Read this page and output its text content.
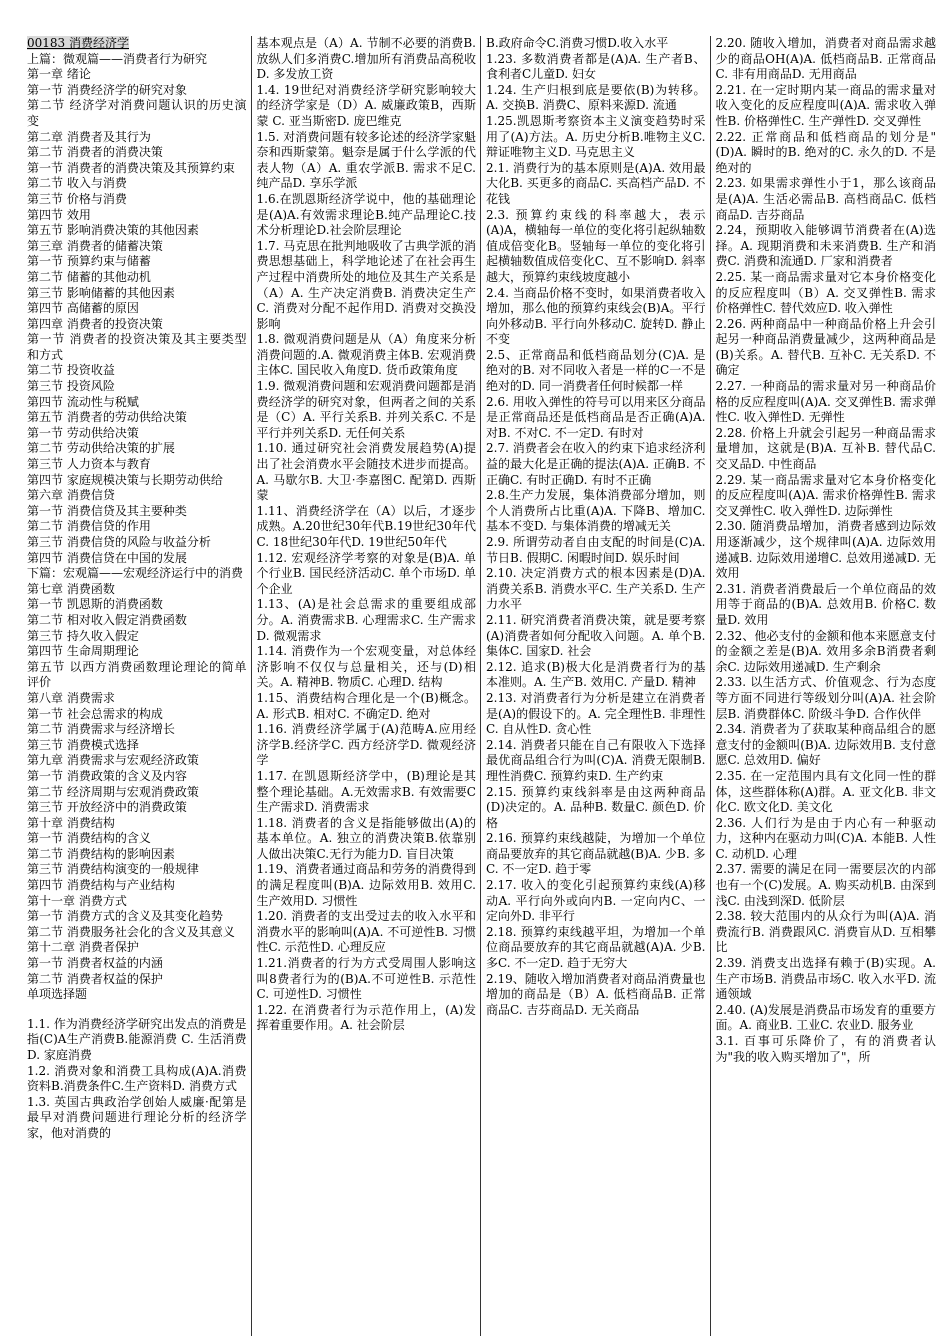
00183 消费经济学

上篇：微观篇——消费者行为研究

第一章 绪论

第一节 消费经济学的研究对象

第二节 经济学对消费问题认识的历史演变

第二章 消费者及其行为

第二节 消费者的消费决策

第一节 消费者的消费决策及其预算约束

第二节 收入与消费

第三节 价格与消费

第四节 效用

第五节 影响消费决策的其他因素

第三章 消费者的储蓄决策

第一节 预算约束与储蓄

第二节 储蓄的其他动机

第三节 影响储蓄的其他因素

第四节 高储蓄的原因

第四章 消费者的投资决策

第一节 消费者的投资决策及其主要类型和方式

第二节 投资收益

第三节 投资风险

第四节 流动性与税赋

第五节 消费者的劳动供给决策

第一节 劳动供给决策

第二节 劳动供给决策的扩展

第三节 人力资本与教育

第四节 家庭规模决策与长期劳动供给

第六章 消费信贷

第一节 消费信贷及其主要种类

第二节 消费信贷的作用

第三节 消费信贷的风险与收益分析

第四节 消费信贷在中国的发展

下篇：宏观篇——宏观经济运行中的消费

第七章 消费函数

第一节 凯恩斯的消费函数

第二节 相对收入假定消费函数

第三节 持久收入假定

第四节 生命周期理论

第五节 以西方消费函数理论理论的简单评价

第八章 消费需求

第一节 社会总需求的构成

第二节 消费需求与经济增长

第三节 消费模式选择

第九章 消费需求与宏观经济政策

第一节 消费政策的含义及内容

第二节 经济周期与宏观消费政策

第三节 开放经济中的消费政策

第十章 消费结构

第一节 消费结构的含义

第二节 消费结构的影响因素

第三节 消费结构演变的一般规律

第四节 消费结构与产业结构

第十一章 消费方式

第一节 消费方式的含义及其变化趋势

第二节 消费服务社会化的含义及其意义

第十二章 消费者保护

第一节 消费者权益的内涵

第二节 消费者权益的保护

单项选择题

1.1. 作为消费经济学研究出发点的消费是指(C)A生产消费B.能源消费 C. 生活消费 D. 家庭消费

1.2. 消费对象和消费工具构成(A)A.消费资料B.消费条件C.生产资料D. 消费方式

1.3. 英国古典政治学创始人威廉·配第是最早对消费问题进行理论分析的经济学家，他对消费的

基本观点是（A）A. 节制不必要的消费B.放纵人们多消费C.增加所有消费品高税收D. 多发放工资

1.4. 19世纪对消费经济学研究影响较大的经济学家是（D）A. 威廉政策B，西斯蒙 C. 亚当斯密D. 庞巴维克

1.5. 对消费问题有较多论述的经济学家魁奈和西斯蒙第。魁奈是属于什么学派的代表人物（A）A. 重农学派B. 需求不足C. 纯产品D. 享乐学派

1.6.在凯恩斯经济学说中，他的基础理论是(A)A.有效需求理论B.纯产品理论C.技术分析理论D.社会阶层理论

1.7. 马克思在批判地吸收了古典学派的消费思想基础上，科学地论述了在社会再生产过程中消费所处的地位及其生产关系是（A）A. 生产决定消费B. 消费决定生产C. 消费对分配不起作用D. 消费对交换没影响

1.8. 微观消费问题是从（A）角度来分析消费问题的.A. 微观消费主体B. 宏观消费主体C. 国民收入角度D. 货币政策角度

1.9. 微观消费问题和宏观消费问题都是消费经济学的研究对象，但两者之间的关系是（C）A. 平行关系B. 并列关系C. 不是平行并列关系D. 无任何关系

1.10. 通过研究社会消费发展趋势(A)提出了社会消费水平会随技术进步而提高。A. 马歇尔B. 大卫·李嘉图C. 配第D. 西斯蒙

1.11、消费经济学在（A）以后，才逐步成熟。A.20世纪30年代B.19世纪30年代C. 18世纪30年代D. 19世纪50年代

1.12. 宏观经济学考察的对象是(B)A. 单个行业B. 国民经济活动C. 单个市场D. 单个企业

1.13、(A)是社会总需求的重要组成部分。A. 消费需求B. 心理需求C. 生产需求D. 微观需求

1.14. 消费作为一个宏观变量，对总体经济影响不仅仅与总量相关，还与(D)相关。A. 精神B. 物质C. 心理D. 结构

1.15、消费结构合理化是一个(B)概念。A. 形式B. 相对C. 不确定D. 绝对

1.16. 消费经济学属于(A)范畴A.应用经济学B.经济学C. 西方经济学D. 微观经济学

1.17. 在凯恩斯经济学中，(B)理论是其整个理论基础。A.无效需求B. 有效需要C生产需求D. 消费需求

1.18. 消费者的含义是指能够做出(A)的基本单位。A. 独立的消费决策B.依靠别人做出决策C.无行为能力D. 盲目决策

1.19、消费者通过商品和劳务的消费得到的满足程度叫(B)A. 边际效用B. 效用C. 生产效用D. 习惯性

1.20. 消费者的支出受过去的收入水平和消费水平的影响叫(A)A. 不可逆性B. 习惯性C. 示范性D. 心理反应

1.21.消费者的行为方式受周围人影响这叫8费者行为的(B)A.不可逆性B. 示范性C. 可逆性D. 习惯性

1.22. 在消费者行为示范作用上，(A)发挥着重要作用。A. 社会阶层

B.政府命令C.消费习惯D.收入水平

1.23. 多数消费者都是(A)A. 生产者B、食利者C儿童D. 妇女

1.24. 生产归根到底是要依(B)为转移。A. 交换B. 消费C、原料来源D. 流通

1.25.凯恩斯考察资本主义演变趋势时采用了(A)方法。A. 历史分析B.唯物主义C. 辩证唯物主义D. 马克思主义

2.1. 消费行为的基本原则是(A)A. 效用最大化B. 买更多的商品C. 买高档产品D. 不花钱

2.3. 预算约束线的科率越大，表示(A)A，横轴每一单位的变化将引起纵轴数值成倍变化B。竖轴每一单位的变化将引起横轴数值成倍变化C、互不影响D. 斜率越大，预算约束线坡度越小

2.4. 当商品价格不变时，如果消费者收入增加，那么他的预算约束线会(B)A。平行向外移动B. 平行向外移动C. 旋转D. 静止不变

2.5、正常商品和低档商品划分(C)A. 是绝对的B. 对不同收入者是一样的C一不是绝对的D. 同一消费者任何时候都一样

2.6. 用收入弹性的符号可以用来区分商品是正常商品还是低档商品是否正确(A)A. 对B. 不对C. 不一定D. 有时对

2.7. 消费者会在收入的约束下追求经济利益的最大化是正确的提法(A)A. 正确B. 不正确C. 有时正确D. 有时不正确

2.8.生产力发展，集体消费部分增加，则个人消费所占比重(A)A. 下降B、增加C. 基本不变D. 与集体消费的增减无关

2.9. 所谓劳动者自由支配的时间是(C)A. 节日B. 假期C. 闲暇时间D. 娱乐时间

2.10. 决定消费方式的根本因素是(D)A. 消费关系B. 消费水平C. 生产关系D. 生产力水平

2.11. 研究消费者消费决策，就是要考察(A)消费者如何分配收入问题。A. 单个B. 集体C. 国家D. 社会

2.12. 追求(B)极大化是消费者行为的基本准则。A. 生产B. 效用C. 产量D. 精神

2.13. 对消费者行为分析是建立在消费者是(A)的假设下的。A. 完全理性B. 非理性C. 自从性D. 贪心性

2.14. 消费者只能在自己有限收入下选择最优商品组合行为叫(C)A. 消费无限制B. 理性消费C. 预算约束D. 生产约束

2.15. 预算约束线斜率是由这两种商品(D)决定的。A. 品种B. 数量C. 颜色D. 价格

2.16. 预算约束线越陡，为增加一个单位商品要放弃的其它商品就越(B)A. 少B. 多C. 不一定D. 趋于零

2.17. 收入的变化引起预算约束线(A)移动A. 平行向外或向内B. 一定向内C、一定向外D. 非平行

2.18. 预算约束线越平坦，为增加一个单位商品要放弃的其它商品就越(A)A. 少B. 多C. 不一定D. 趋于无穷大

2.19、随收入增加消费者对商品消费量也增加的商品是（B）A. 低档商品B. 正常商品C. 吉芬商品D. 无关商品

2.20. 随收入增加，消费者对商品需求越少的商品OH(A)A. 低档商品B. 正常商品C. 非有用商品D. 无用商品

2.21. 在一定时期内某一商品的需求量对收入变化的反应程度叫(A)A. 需求收入弹性B. 价格弹性C. 生产弹性D. 交叉弹性

2.22. 正常商品和低档商品的划分是"(D)A. 瞬时的B. 绝对的C. 永久的D. 不是绝对的

2.23. 如果需求弹性小于1，那么该商品是(A)A. 生活必需品B. 高档商品C. 低档商品D. 吉芬商品

2.24，预期收入能够调节消费者在(A)选择。A. 现期消费和未来消费B. 生产和消费C. 消费和流通D. 厂家和消费者

2.25. 某一商品需求量对它本身价格变化的反应程度叫（B）A. 交叉弹性B. 需求价格弹性C. 替代效应D. 收入弹性

2.26. 两种商品中一种商品价格上升会引起另一种商品消费量减少，这两种商品是(B)关系。A. 替代B. 互补C. 无关系D. 不确定

2.27. 一种商品的需求量对另一种商品价格的反应程度叫(A)A. 交叉弹性B. 需求弹性C. 收入弹性D. 无弹性

2.28. 价格上升就会引起另一种商品需求量增加，这就是(B)A. 互补B. 替代品C. 交叉品D. 中性商品

2.29. 某一商品需求量对它本身价格变化的反应程度叫(A)A. 需求价格弹性B. 需求交叉弹性C. 收入弹性D. 边际弹性

2.30. 随消费品增加，消费者感到边际效用逐渐减少，这个规律叫(A)A. 边际效用递减B. 边际效用递增C. 总效用递减D. 无效用

2.31. 消费者消费最后一个单位商品的效用等于商品的(B)A. 总效用B. 价格C. 数量D. 效用

2.32、他必支付的金额和他本来愿意支付的金额之差是(B)A. 效用多余B消费者剩余C. 边际效用递减D. 生产剩余

2.33. 以生活方式、价值观念、行为态度等方面不同进行等级划分叫(A)A. 社会阶层B. 消费群体C. 阶级斗争D. 合作伙伴

2.34. 消费者为了获取某种商品组合的愿意支付的金额叫(B)A. 边际效用B. 支付意愿C. 总效用D. 偏好

2.35. 在一定范围内具有文化同一性的群体，这些群体称(A)群。A. 亚文化B. 非文化C. 欧文化D. 美文化

2.36. 人们行为是由于内心有一种驱动力，这种内在驱动力叫(C)A. 本能B. 人性C. 动机D. 心理

2.37. 需要的满足在同一需要层次的内部也有一个(C)发展。A. 购买动机B. 由深到浅C. 由浅到深D. 低阶层

2.38. 较大范围内的从众行为叫(A)A. 消费流行B. 消费跟风C. 消费盲从D. 互相攀比

2.39. 消费支出选择有赖于(B)实现。A. 生产市场B. 消费品市场C. 收入水平D. 流通领域

2.40. (A)发展是消费品市场发育的重要方面。A. 商业B. 工业C. 农业D. 服务业

3.1. 百事可乐降价了，有的消费者认为"我的收入购买增加了"，所
